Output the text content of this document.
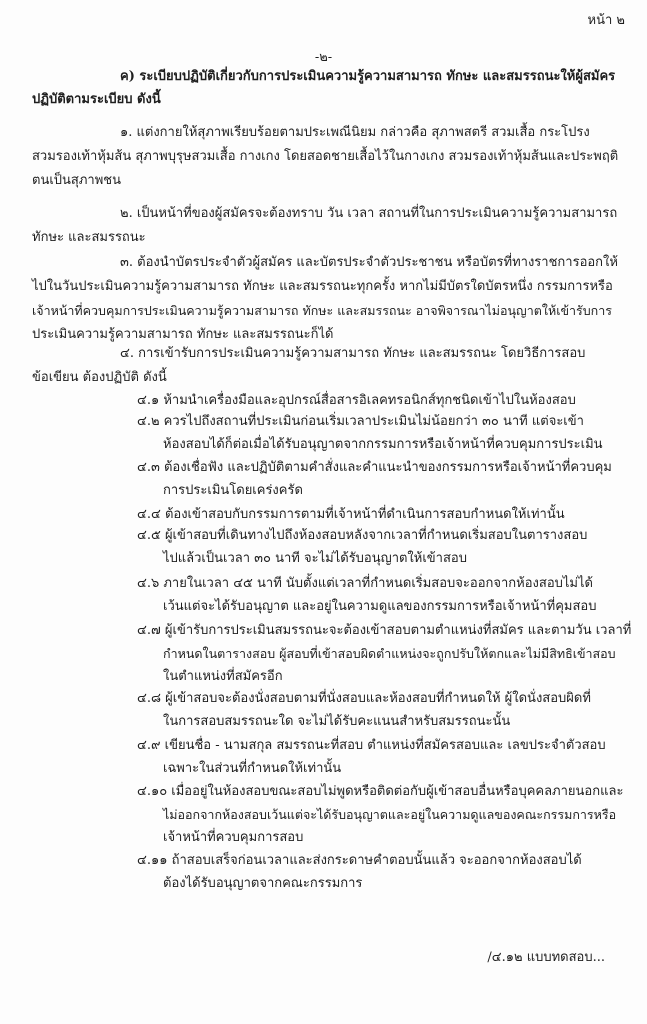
หน้า ๒
-๒-
ค) ระเบียบปฏิบัติเกี่ยวกับการประเมินความรู้ความสามารถ ทักษะ และสมรรถนะให้ผู้สมัคร
ปฏิบัติตามระเบียบ ดังนี้
๑. แต่งกายให้สุภาพเรียบร้อยตามประเพณีนิยม กล่าวคือ สุภาพสตรี สวมเสื้อ กระโปรง
สวมรองเท้าหุ้มส้น สุภาพบุรุษสวมเสื้อ กางเกง โดยสอดชายเสื้อไว้ในกางเกง สวมรองเท้าหุ้มส้นและประพฤติ
ตนเป็นสุภาพชน
๒. เป็นหน้าที่ของผู้สมัครจะต้องทราบ วัน เวลา สถานที่ในการประเมินความรู้ความสามารถ
ทักษะ และสมรรถนะ
๓. ต้องนำบัตรประจำตัวผู้สมัคร และบัตรประจำตัวประชาชน หรือบัตรที่ทางราชการออกให้
ไปในวันประเมินความรู้ความสามารถ ทักษะ และสมรรถนะทุกครั้ง หากไม่มีบัตรใดบัตรหนึ่ง กรรมการหรือ
เจ้าหน้าที่ควบคุมการประเมินความรู้ความสามารถ ทักษะ และสมรรถนะ อาจพิจารณาไม่อนุญาตให้เข้ารับการ
ประเมินความรู้ความสามารถ ทักษะ และสมรรถนะก็ได้
๔. การเข้ารับการประเมินความรู้ความสามารถ ทักษะ และสมรรถนะ โดยวิธีการสอบ
ข้อเขียน ต้องปฏิบัติ ดังนี้
๔.๑ ห้ามนำเครื่องมือและอุปกรณ์สื่อสารอิเลคทรอนิกส์ทุกชนิดเข้าไปในห้องสอบ
๔.๒ ควรไปถึงสถานที่ประเมินก่อนเริ่มเวลาประเมินไม่น้อยกว่า ๓๐ นาที แต่จะเข้า
ห้องสอบได้ก็ต่อเมื่อได้รับอนุญาตจากกรรมการหรือเจ้าหน้าที่ควบคุมการประเมิน
๔.๓ ต้องเชื่อฟัง และปฏิบัติตามคำสั่งและคำแนะนำของกรรมการหรือเจ้าหน้าที่ควบคุม
การประเมินโดยเคร่งครัด
๔.๔ ต้องเข้าสอบกับกรรมการตามที่เจ้าหน้าที่ดำเนินการสอบกำหนดให้เท่านั้น
๔.๕ ผู้เข้าสอบที่เดินทางไปถึงห้องสอบหลังจากเวลาที่กำหนดเริ่มสอบในตารางสอบ
ไปแล้วเป็นเวลา ๓๐ นาที จะไม่ได้รับอนุญาตให้เข้าสอบ
๔.๖ ภายในเวลา ๔๕ นาที นับตั้งแต่เวลาที่กำหนดเริ่มสอบจะออกจากห้องสอบไม่ได้
เว้นแต่จะได้รับอนุญาต และอยู่ในความดูแลของกรรมการหรือเจ้าหน้าที่คุมสอบ
๔.๗ ผู้เข้ารับการประเมินสมรรถนะจะต้องเข้าสอบตามตำแหน่งที่สมัคร และตามวัน เวลาที่
กำหนดในตารางสอบ ผู้สอบที่เข้าสอบผิดตำแหน่งจะถูกปรับให้ตกและไม่มีสิทธิเข้าสอบ
ในตำแหน่งที่สมัครอีก
๔.๘ ผู้เข้าสอบจะต้องนั่งสอบตามที่นั่งสอบและห้องสอบที่กำหนดให้ ผู้ใดนั่งสอบผิดที่
ในการสอบสมรรถนะใด จะไม่ได้รับคะแนนสำหรับสมรรถนะนั้น
๔.๙ เขียนชื่อ - นามสกุล สมรรถนะที่สอบ ตำแหน่งที่สมัครสอบและ เลขประจำตัวสอบ
เฉพาะในส่วนที่กำหนดให้เท่านั้น
๔.๑๐ เมื่ออยู่ในห้องสอบขณะสอบไม่พูดหรือติดต่อกับผู้เข้าสอบอื่นหรือบุคคลภายนอกและ
ไม่ออกจากห้องสอบเว้นแต่จะได้รับอนุญาตและอยู่ในความดูแลของคณะกรรมการหรือ
เจ้าหน้าที่ควบคุมการสอบ
๔.๑๑ ถ้าสอบเสร็จก่อนเวลาและส่งกระดาษคำตอบนั้นแล้ว จะออกจากห้องสอบได้
ต้องได้รับอนุญาตจากคณะกรรมการ
/๔.๑๒ แบบทดสอบ...
